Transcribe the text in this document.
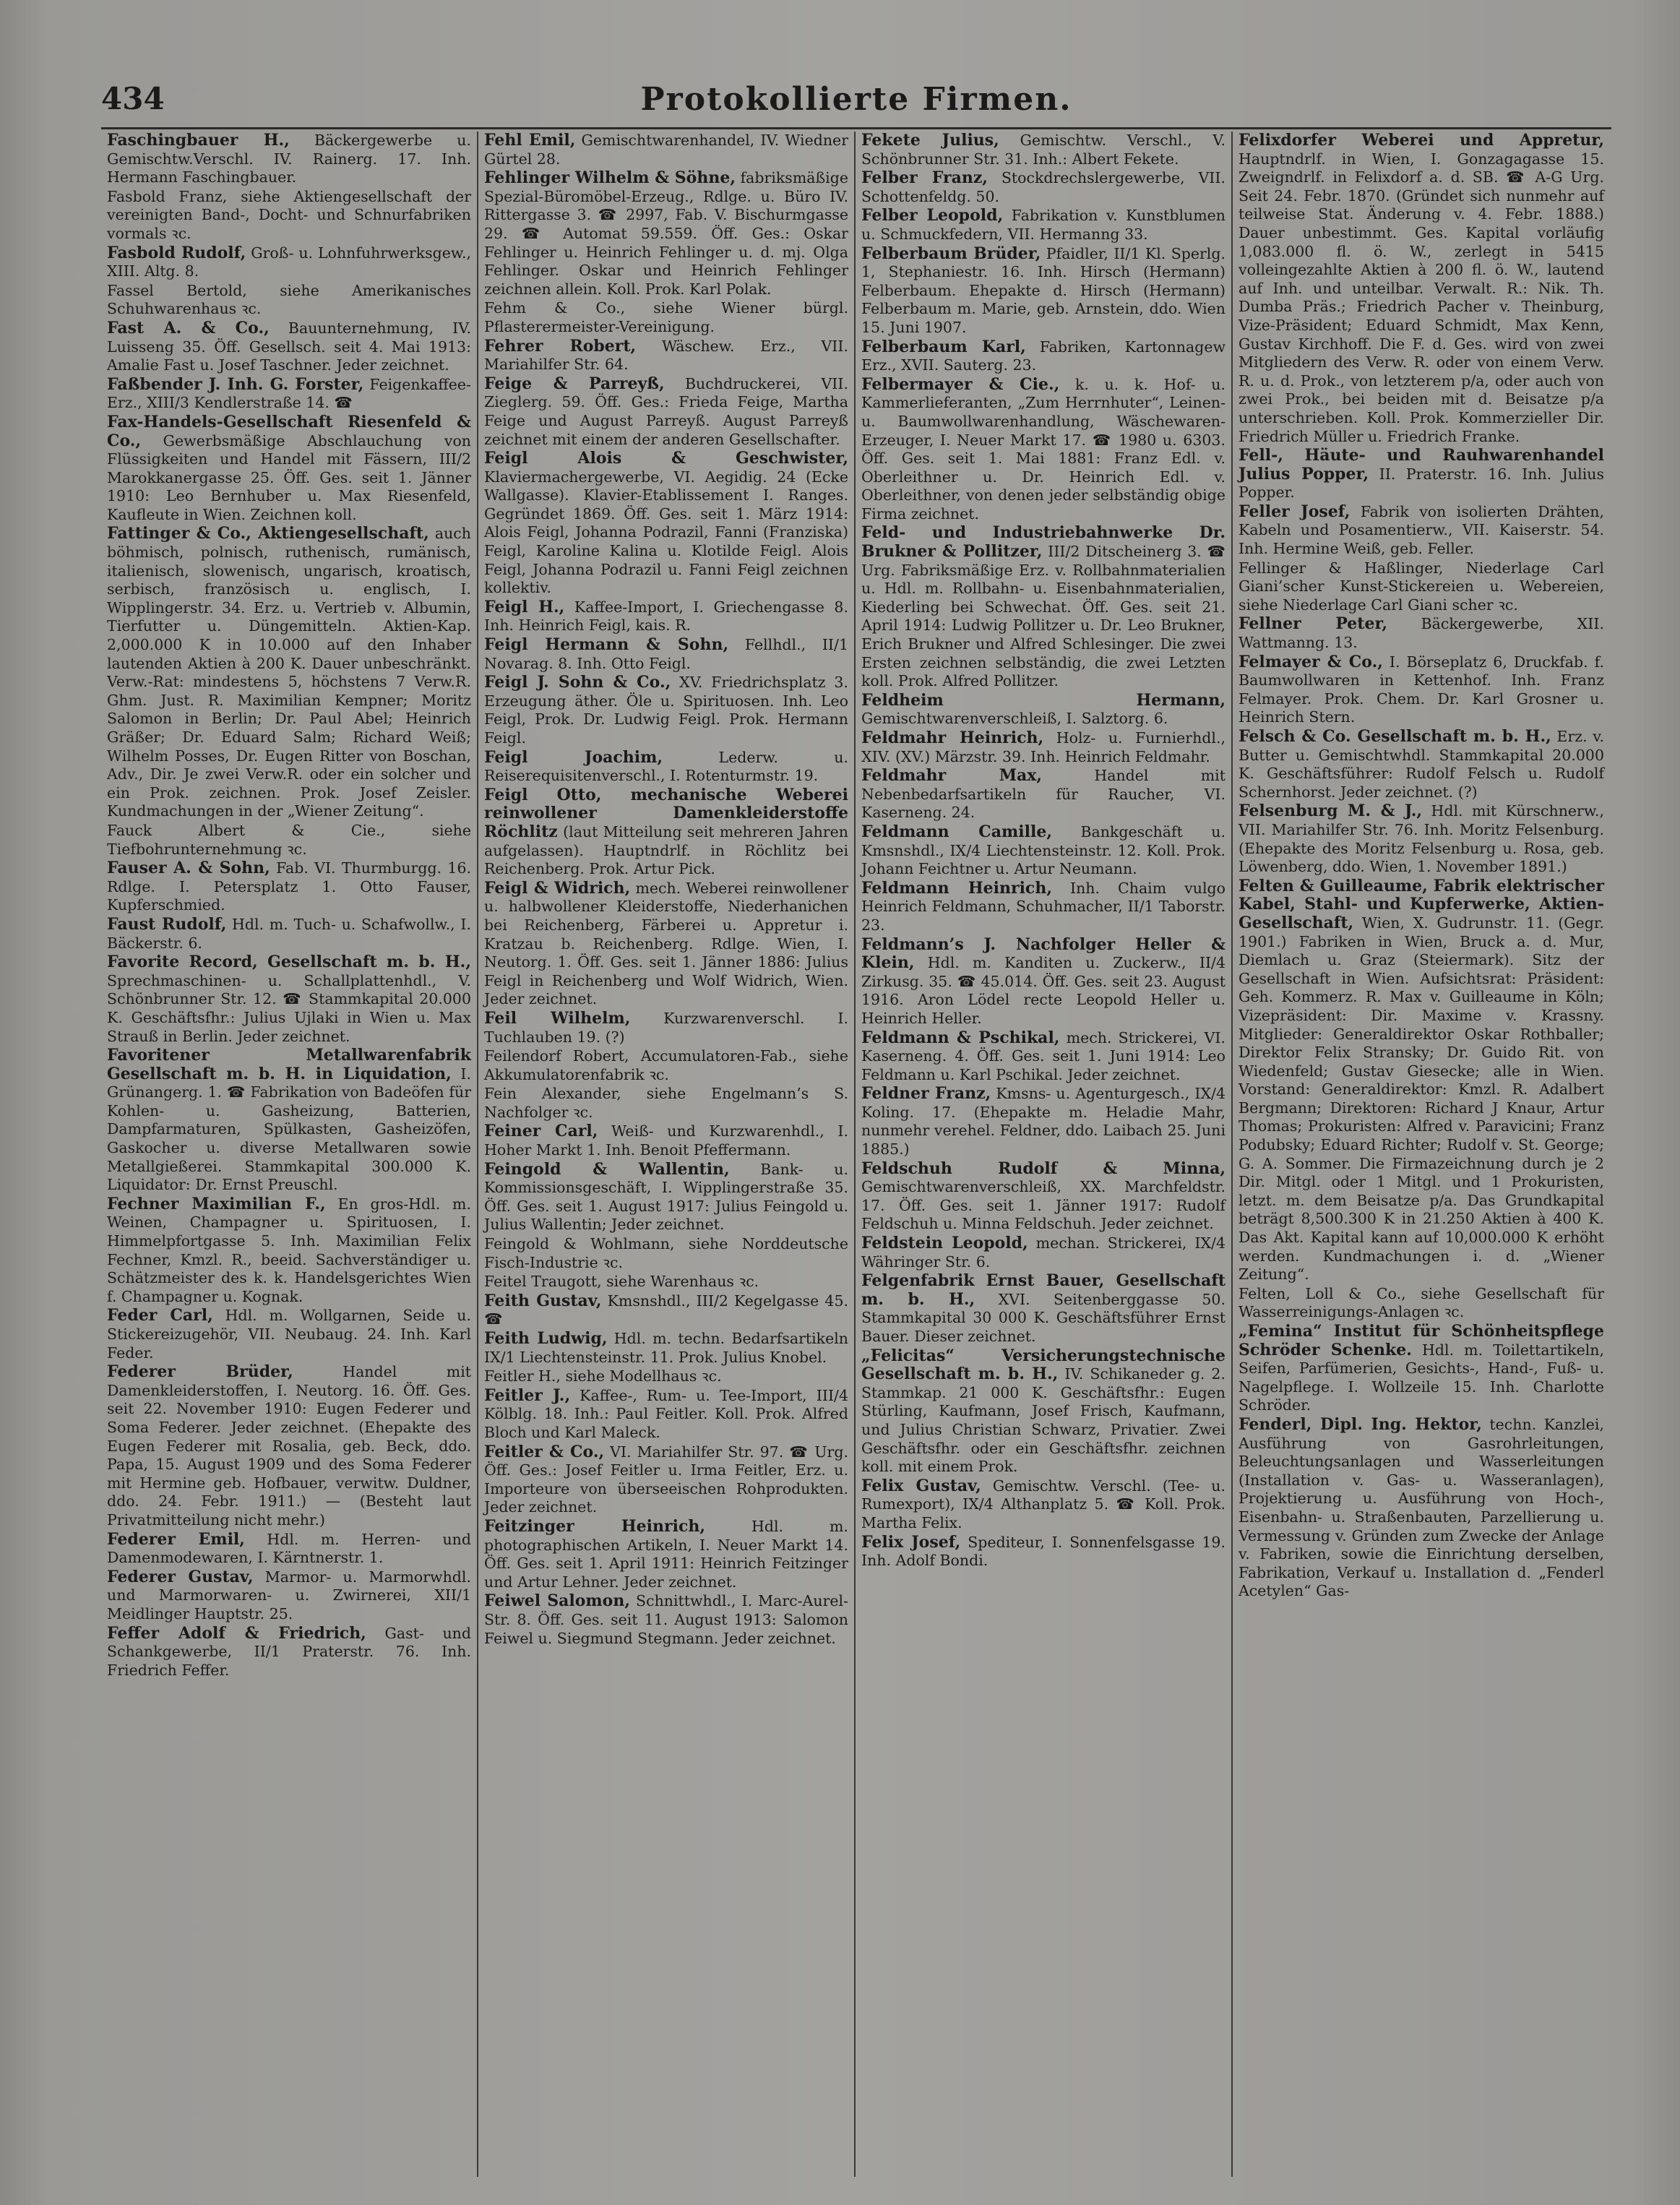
434	Protokollierte Firmen.
Faschingbauer H., Bäckergewerbe u. Gemischtw.Verschl. IV. Rainerg. 17. Inh. Hermann Faschingbauer.
Fasbold Franz, siehe Aktiengesellschaft der vereinigten Band-, Docht- und Schnurfabriken vormals ꝛc.
Fasbold Rudolf, Groß- u. Lohnfuhrwerksgew., XIII. Altg. 8.
Fassel Bertold, siehe Amerikanisches Schuhwarenhaus ꝛc.
Fast A. & Co., Bauunternehmung, IV. Luisseng 35. Öff. Gesellsch. seit 4. Mai 1913: Amalie Fast u. Josef Taschner. Jeder zeichnet.
Faßbender J. Inh. G. Forster, Feigenkaffee-Erz., XIII/3 Kendlerstraße 14. ☎
Fax-Handels-Gesellschaft Riesenfeld & Co., Gewerbsmäßige Abschlauchung von Flüssigkeiten und Handel mit Fässern, III/2 Marokkanergasse 25. Öff. Ges. seit 1. Jänner 1910: Leo Bernhuber u. Max Riesenfeld, Kaufleute in Wien. Zeichnen koll.
Fattinger & Co., Aktiengesellschaft, auch böhmisch, polnisch, ruthenisch, rumänisch, italienisch, slowenisch, ungarisch, kroatisch, serbisch, französisch u. englisch, I. Wipplingerstr. 34. Erz. u. Vertrieb v. Albumin, Tierfutter u. Düngemitteln. Aktien-Kap. 2,000.000 K in 10.000 auf den Inhaber lautenden Aktien à 200 K. Dauer unbeschränkt. Verw.-Rat: mindestens 5, höchstens 7 Verw.R. Ghm. Just. R. Maximilian Kempner; Moritz Salomon in Berlin; Dr. Paul Abel; Heinrich Gräßer; Dr. Eduard Salm; Richard Weiß; Wilhelm Posses, Dr. Eugen Ritter von Boschan, Adv., Dir. Je zwei Verw.R. oder ein solcher und ein Prok. zeichnen. Prok. Josef Zeisler. Kundmachungen in der „Wiener Zeitung“.
Fauck Albert & Cie., siehe Tiefbohrunternehmung ꝛc.
Fauser A. & Sohn, Fab. VI. Thurmburgg. 16. Rdlge. I. Petersplatz 1. Otto Fauser, Kupferschmied.
Faust Rudolf, Hdl. m. Tuch- u. Schafwollw., I. Bäckerstr. 6.
Favorite Record, Gesellschaft m. b. H., Sprechmaschinen- u. Schallplattenhdl., V. Schönbrunner Str. 12. ☎ Stammkapital 20.000 K. Geschäftsfhr.: Julius Ujlaki in Wien u. Max Strauß in Berlin. Jeder zeichnet.
Favoritener Metallwarenfabrik Gesellschaft m. b. H. in Liquidation, I. Grünangerg. 1. ☎ Fabrikation von Badeöfen für Kohlen- u. Gasheizung, Batterien, Dampfarmaturen, Spülkasten, Gasheizöfen, Gaskocher u. diverse Metallwaren sowie Metallgießerei. Stammkapital 300.000 K. Liquidator: Dr. Ernst Preuschl.
Fechner Maximilian F., En gros-Hdl. m. Weinen, Champagner u. Spirituosen, I. Himmelpfortgasse 5. Inh. Maximilian Felix Fechner, Kmzl. R., beeid. Sachverständiger u. Schätzmeister des k. k. Handelsgerichtes Wien f. Champagner u. Kognak.
Feder Carl, Hdl. m. Wollgarnen, Seide u. Stickereizugehör, VII. Neubaug. 24. Inh. Karl Feder.
Federer Brüder, Handel mit Damenkleiderstoffen, I. Neutorg. 16. Öff. Ges. seit 22. November 1910: Eugen Federer und Soma Federer. Jeder zeichnet. (Ehepakte des Eugen Federer mit Rosalia, geb. Beck, ddo. Papa, 15. August 1909 und des Soma Federer mit Hermine geb. Hofbauer, verwitw. Duldner, ddo. 24. Febr. 1911.) — (Besteht laut Privatmitteilung nicht mehr.)
Federer Emil, Hdl. m. Herren- und Damenmodewaren, I. Kärntnerstr. 1.
Federer Gustav, Marmor- u. Marmorwhdl. und Marmorwaren- u. Zwirnerei, XII/1 Meidlinger Hauptstr. 25.
Feffer Adolf & Friedrich, Gast- und Schankgewerbe, II/1 Praterstr. 76. Inh. Friedrich Feffer.
Fehl Emil, Gemischtwarenhandel, IV. Wiedner Gürtel 28.
Fehlinger Wilhelm & Söhne, fabriksmäßige Spezial-Büromöbel-Erzeug., Rdlge. u. Büro IV. Rittergasse 3. ☎ 2997, Fab. V. Bischurmgasse 29. ☎ Automat 59.559. Öff. Ges.: Oskar Fehlinger u. Heinrich Fehlinger u. d. mj. Olga Fehlinger. Oskar und Heinrich Fehlinger zeichnen allein. Koll. Prok. Karl Polak.
Fehm & Co., siehe Wiener bürgl. Pflasterermeister-Vereinigung.
Fehrer Robert, Wäschew. Erz., VII. Mariahilfer Str. 64.
Feige & Parreyß, Buchdruckerei, VII. Zieglerg. 59. Öff. Ges.: Frieda Feige, Martha Feige und August Parreyß. August Parreyß zeichnet mit einem der anderen Gesellschafter.
Feigl Alois & Geschwister, Klaviermachergewerbe, VI. Aegidig. 24 (Ecke Wallgasse). Klavier-Etablissement I. Ranges. Gegründet 1869. Öff. Ges. seit 1. März 1914: Alois Feigl, Johanna Podrazil, Fanni (Franziska) Feigl, Karoline Kalina u. Klotilde Feigl. Alois Feigl, Johanna Podrazil u. Fanni Feigl zeichnen kollektiv.
Feigl H., Kaffee-Import, I. Griechengasse 8. Inh. Heinrich Feigl, kais. R.
Feigl Hermann & Sohn, Fellhdl., II/1 Novarag. 8. Inh. Otto Feigl.
Feigl J. Sohn & Co., XV. Friedrichsplatz 3. Erzeugung äther. Öle u. Spirituosen. Inh. Leo Feigl, Prok. Dr. Ludwig Feigl. Prok. Hermann Feigl.
Feigl Joachim, Lederw. u. Reiserequisitenverschl., I. Rotenturmstr. 19.
Feigl Otto, mechanische Weberei reinwollener Damenkleiderstoffe Röchlitz (laut Mitteilung seit mehreren Jahren aufgelassen). Hauptndrlf. in Röchlitz bei Reichenberg. Prok. Artur Pick.
Feigl & Widrich, mech. Weberei reinwollener u. halbwollener Kleiderstoffe, Niederhanichen bei Reichenberg, Färberei u. Appretur i. Kratzau b. Reichenberg. Rdlge. Wien, I. Neutorg. 1. Öff. Ges. seit 1. Jänner 1886: Julius Feigl in Reichenberg und Wolf Widrich, Wien. Jeder zeichnet.
Feil Wilhelm, Kurzwarenverschl. I. Tuchlauben 19. (?)
Feilendorf Robert, Accumulatoren-Fab., siehe Akkumulatorenfabrik ꝛc.
Fein Alexander, siehe Engelmann’s S. Nachfolger ꝛc.
Feiner Carl, Weiß- und Kurzwarenhdl., I. Hoher Markt 1. Inh. Benoit Pfeffermann.
Feingold & Wallentin, Bank- u. Kommissionsgeschäft, I. Wipplingerstraße 35. Öff. Ges. seit 1. August 1917: Julius Feingold u. Julius Wallentin; Jeder zeichnet.
Feingold & Wohlmann, siehe Norddeutsche Fisch-Industrie ꝛc.
Feitel Traugott, siehe Warenhaus ꝛc.
Feith Gustav, Kmsnshdl., III/2 Kegelgasse 45. ☎
Feith Ludwig, Hdl. m. techn. Bedarfsartikeln IX/1 Liechtensteinstr. 11. Prok. Julius Knobel.
Feitler H., siehe Modellhaus ꝛc.
Feitler J., Kaffee-, Rum- u. Tee-Import, III/4 Kölblg. 18. Inh.: Paul Feitler. Koll. Prok. Alfred Bloch und Karl Maleck.
Feitler & Co., VI. Mariahilfer Str. 97. ☎ Urg. Öff. Ges.: Josef Feitler u. Irma Feitler, Erz. u. Importeure von überseeischen Rohprodukten. Jeder zeichnet.
Feitzinger Heinrich, Hdl. m. photographischen Artikeln, I. Neuer Markt 14. Öff. Ges. seit 1. April 1911: Heinrich Feitzinger und Artur Lehner. Jeder zeichnet.
Feiwel Salomon, Schnittwhdl., I. Marc-Aurel-Str. 8. Öff. Ges. seit 11. August 1913: Salomon Feiwel u. Siegmund Stegmann. Jeder zeichnet.
Fekete Julius, Gemischtw. Verschl., V. Schönbrunner Str. 31. Inh.: Albert Fekete.
Felber Franz, Stockdrechslergewerbe, VII. Schottenfeldg. 50.
Felber Leopold, Fabrikation v. Kunstblumen u. Schmuckfedern, VII. Hermanng 33.
Felberbaum Brüder, Pfaidler, II/1 Kl. Sperlg. 1, Stephaniestr. 16. Inh. Hirsch (Hermann) Felberbaum. Ehepakte d. Hirsch (Hermann) Felberbaum m. Marie, geb. Arnstein, ddo. Wien 15. Juni 1907.
Felberbaum Karl, Fabriken, Kartonnagew Erz., XVII. Sauterg. 23.
Felbermayer & Cie., k. u. k. Hof- u. Kammerlieferanten, „Zum Herrnhuter“, Leinen- u. Baumwollwarenhandlung, Wäschewaren-Erzeuger, I. Neuer Markt 17. ☎ 1980 u. 6303. Öff. Ges. seit 1. Mai 1881: Franz Edl. v. Oberleithner u. Dr. Heinrich Edl. v. Oberleithner, von denen jeder selbständig obige Firma zeichnet.
Feld- und Industriebahnwerke Dr. Brukner & Pollitzer, III/2 Ditscheinerg 3. ☎ Urg. Fabriksmäßige Erz. v. Rollbahnmaterialien u. Hdl. m. Rollbahn- u. Eisenbahnmaterialien, Kiederling bei Schwechat. Öff. Ges. seit 21. April 1914: Ludwig Pollitzer u. Dr. Leo Brukner, Erich Brukner und Alfred Schlesinger. Die zwei Ersten zeichnen selbständig, die zwei Letzten koll. Prok. Alfred Pollitzer.
Feldheim Hermann, Gemischtwarenverschleiß, I. Salztorg. 6.
Feldmahr Heinrich, Holz- u. Furnierhdl., XIV. (XV.) Märzstr. 39. Inh. Heinrich Feldmahr.
Feldmahr Max, Handel mit Nebenbedarfsartikeln für Raucher, VI. Kaserneng. 24.
Feldmann Camille, Bankgeschäft u. Kmsnshdl., IX/4 Liechtensteinstr. 12. Koll. Prok. Johann Feichtner u. Artur Neumann.
Feldmann Heinrich, Inh. Chaim vulgo Heinrich Feldmann, Schuhmacher, II/1 Taborstr. 23.
Feldmann’s J. Nachfolger Heller & Klein, Hdl. m. Kanditen u. Zuckerw., II/4 Zirkusg. 35. ☎ 45.014. Öff. Ges. seit 23. August 1916. Aron Lödel recte Leopold Heller u. Heinrich Heller.
Feldmann & Pschikal, mech. Strickerei, VI. Kaserneng. 4. Öff. Ges. seit 1. Juni 1914: Leo Feldmann u. Karl Pschikal. Jeder zeichnet.
Feldner Franz, Kmsns- u. Agenturgesch., IX/4 Koling. 17. (Ehepakte m. Heladie Mahr, nunmehr verehel. Feldner, ddo. Laibach 25. Juni 1885.)
Feldschuh Rudolf & Minna, Gemischtwarenverschleiß, XX. Marchfeldstr. 17. Öff. Ges. seit 1. Jänner 1917: Rudolf Feldschuh u. Minna Feldschuh. Jeder zeichnet.
Feldstein Leopold, mechan. Strickerei, IX/4 Währinger Str. 6.
Felgenfabrik Ernst Bauer, Gesellschaft m. b. H., XVI. Seitenberggasse 50. Stammkapital 30 000 K. Geschäftsführer Ernst Bauer. Dieser zeichnet.
„Felicitas“ Versicherungstechnische Gesellschaft m. b. H., IV. Schikaneder g. 2. Stammkap. 21 000 K. Geschäftsfhr.: Eugen Stürling, Kaufmann, Josef Frisch, Kaufmann, und Julius Christian Schwarz, Privatier. Zwei Geschäftsfhr. oder ein Geschäftsfhr. zeichnen koll. mit einem Prok.
Felix Gustav, Gemischtw. Verschl. (Tee- u. Rumexport), IX/4 Althanplatz 5. ☎ Koll. Prok. Martha Felix.
Felix Josef, Spediteur, I. Sonnenfelsgasse 19. Inh. Adolf Bondi.
Felixdorfer Weberei und Appretur, Hauptndrlf. in Wien, I. Gonzagagasse 15. Zweigndrlf. in Felixdorf a. d. SB. ☎ A-G Urg. Seit 24. Febr. 1870. (Gründet sich nunmehr auf teilweise Stat. Änderung v. 4. Febr. 1888.) Dauer unbestimmt. Ges. Kapital vorläufig 1,083.000 fl. ö. W., zerlegt in 5415 volleingezahlte Aktien à 200 fl. ö. W., lautend auf Inh. und unteilbar. Verwalt. R.: Nik. Th. Dumba Präs.; Friedrich Pacher v. Theinburg, Vize-Präsident; Eduard Schmidt, Max Kenn, Gustav Kirchhoff. Die F. d. Ges. wird von zwei Mitgliedern des Verw. R. oder von einem Verw. R. u. d. Prok., von letzterem p/a, oder auch von zwei Prok., bei beiden mit d. Beisatze p/a unterschrieben. Koll. Prok. Kommerzieller Dir. Friedrich Müller u. Friedrich Franke.
Fell-, Häute- und Rauhwarenhandel Julius Popper, II. Praterstr. 16. Inh. Julius Popper.
Feller Josef, Fabrik von isolierten Drähten, Kabeln und Posamentierw., VII. Kaiserstr. 54. Inh. Hermine Weiß, geb. Feller.
Fellinger & Haßlinger, Niederlage Carl Giani’scher Kunst-Stickereien u. Webereien, siehe Niederlage Carl Giani scher ꝛc.
Fellner Peter, Bäckergewerbe, XII. Wattmanng. 13.
Felmayer & Co., I. Börseplatz 6, Druckfab. f. Baumwollwaren in Kettenhof. Inh. Franz Felmayer. Prok. Chem. Dr. Karl Grosner u. Heinrich Stern.
Felsch & Co. Gesellschaft m. b. H., Erz. v. Butter u. Gemischtwhdl. Stammkapital 20.000 K. Geschäftsführer: Rudolf Felsch u. Rudolf Schernhorst. Jeder zeichnet. (?)
Felsenburg M. & J., Hdl. mit Kürschnerw., VII. Mariahilfer Str. 76. Inh. Moritz Felsenburg. (Ehepakte des Moritz Felsenburg u. Rosa, geb. Löwenberg, ddo. Wien, 1. November 1891.)
Felten & Guilleaume, Fabrik elektrischer Kabel, Stahl- und Kupferwerke, Aktien-Gesellschaft, Wien, X. Gudrunstr. 11. (Gegr. 1901.) Fabriken in Wien, Bruck a. d. Mur, Diemlach u. Graz (Steiermark). Sitz der Gesellschaft in Wien. Aufsichtsrat: Präsident: Geh. Kommerz. R. Max v. Guilleaume in Köln; Vizepräsident: Dir. Maxime v. Krassny. Mitglieder: Generaldirektor Oskar Rothballer; Direktor Felix Stransky; Dr. Guido Rit. von Wiedenfeld; Gustav Giesecke; alle in Wien. Vorstand: Generaldirektor: Kmzl. R. Adalbert Bergmann; Direktoren: Richard J Knaur, Artur Thomas; Prokuristen: Alfred v. Paravicini; Franz Podubsky; Eduard Richter; Rudolf v. St. George; G. A. Sommer. Die Firmazeichnung durch je 2 Dir. Mitgl. oder 1 Mitgl. und 1 Prokuristen, letzt. m. dem Beisatze p/a. Das Grundkapital beträgt 8,500.300 K in 21.250 Aktien à 400 K. Das Akt. Kapital kann auf 10,000.000 K erhöht werden. Kundmachungen i. d. „Wiener Zeitung“.
Felten, Loll & Co., siehe Gesellschaft für Wasserreinigungs-Anlagen ꝛc.
„Femina“ Institut für Schönheitspflege Schröder Schenke. Hdl. m. Toilettartikeln, Seifen, Parfümerien, Gesichts-, Hand-, Fuß- u. Nagelpflege. I. Wollzeile 15. Inh. Charlotte Schröder.
Fenderl, Dipl. Ing. Hektor, techn. Kanzlei, Ausführung von Gasrohrleitungen, Beleuchtungsanlagen und Wasserleitungen (Installation v. Gas- u. Wasseranlagen), Projektierung u. Ausführung von Hoch-, Eisenbahn- u. Straßenbauten, Parzellierung u. Vermessung v. Gründen zum Zwecke der Anlage v. Fabriken, sowie die Einrichtung derselben, Fabrikation, Verkauf u. Installation d. „Fenderl Acetylen“ Gas-
